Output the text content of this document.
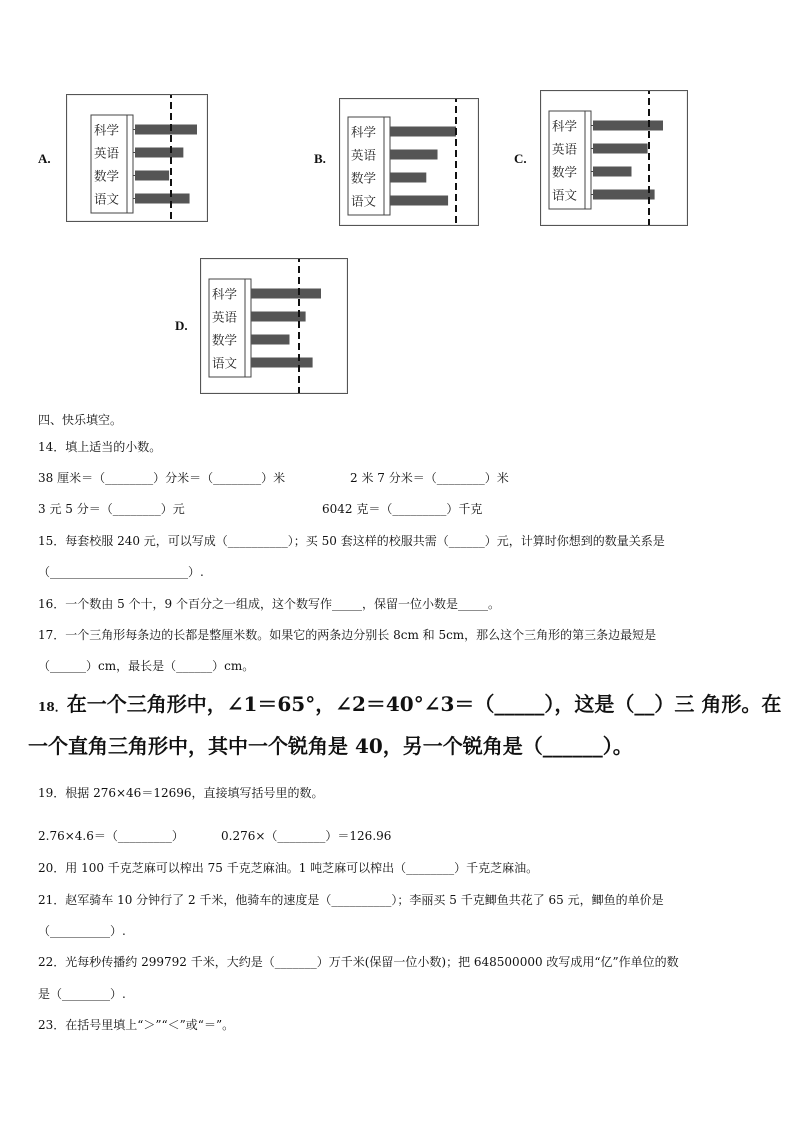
A.
科学
英语
数学
语文
B.
科学
英语
数学
语文
C.
科学
英语
数学
语文
D.
科学
英语
数学
语文
四、快乐填空。
14．填上适当的小数。
38 厘米＝（________）分米＝（________）米	2 米 7 分米＝（________）米
3 元 5 分＝（________）元	6042 克＝（_________）千克
15．每套校服 240 元，可以写成（__________）；买 50 套这样的校服共需（______）元，计算时你想到的数量关系是
（_______________________）.
16．一个数由 5 个十，9 个百分之一组成，这个数写作_____，保留一位小数是_____。
17．一个三角形每条边的长都是整厘米数。如果它的两条边分别长 8cm 和 5cm，那么这个三角形的第三条边最短是
（______）cm，最长是（______）cm。
18．在一个三角形中，∠1＝65°，∠2＝40°∠3＝（_____），这是（__）三 角形。在
一个直角三角形中，其中一个锐角是 40，另一个锐角是（______）。
19．根据 276×46＝12696，直接填写括号里的数。
2.76×4.6＝（_________）	0.276×（________）＝126.96
20．用 100 千克芝麻可以榨出 75 千克芝麻油。1 吨芝麻可以榨出（________）千克芝麻油。
21．赵军骑车 10 分钟行了 2 千米，他骑车的速度是（__________）；李丽买 5 千克鲫鱼共花了 65 元，鲫鱼的单价是
（__________）.
22．光每秒传播约 299792 千米，大约是（_______）万千米(保留一位小数)；把 648500000 改写成用“亿”作单位的数
是（________）.
23．在括号里填上“＞”“＜”或“＝”。
